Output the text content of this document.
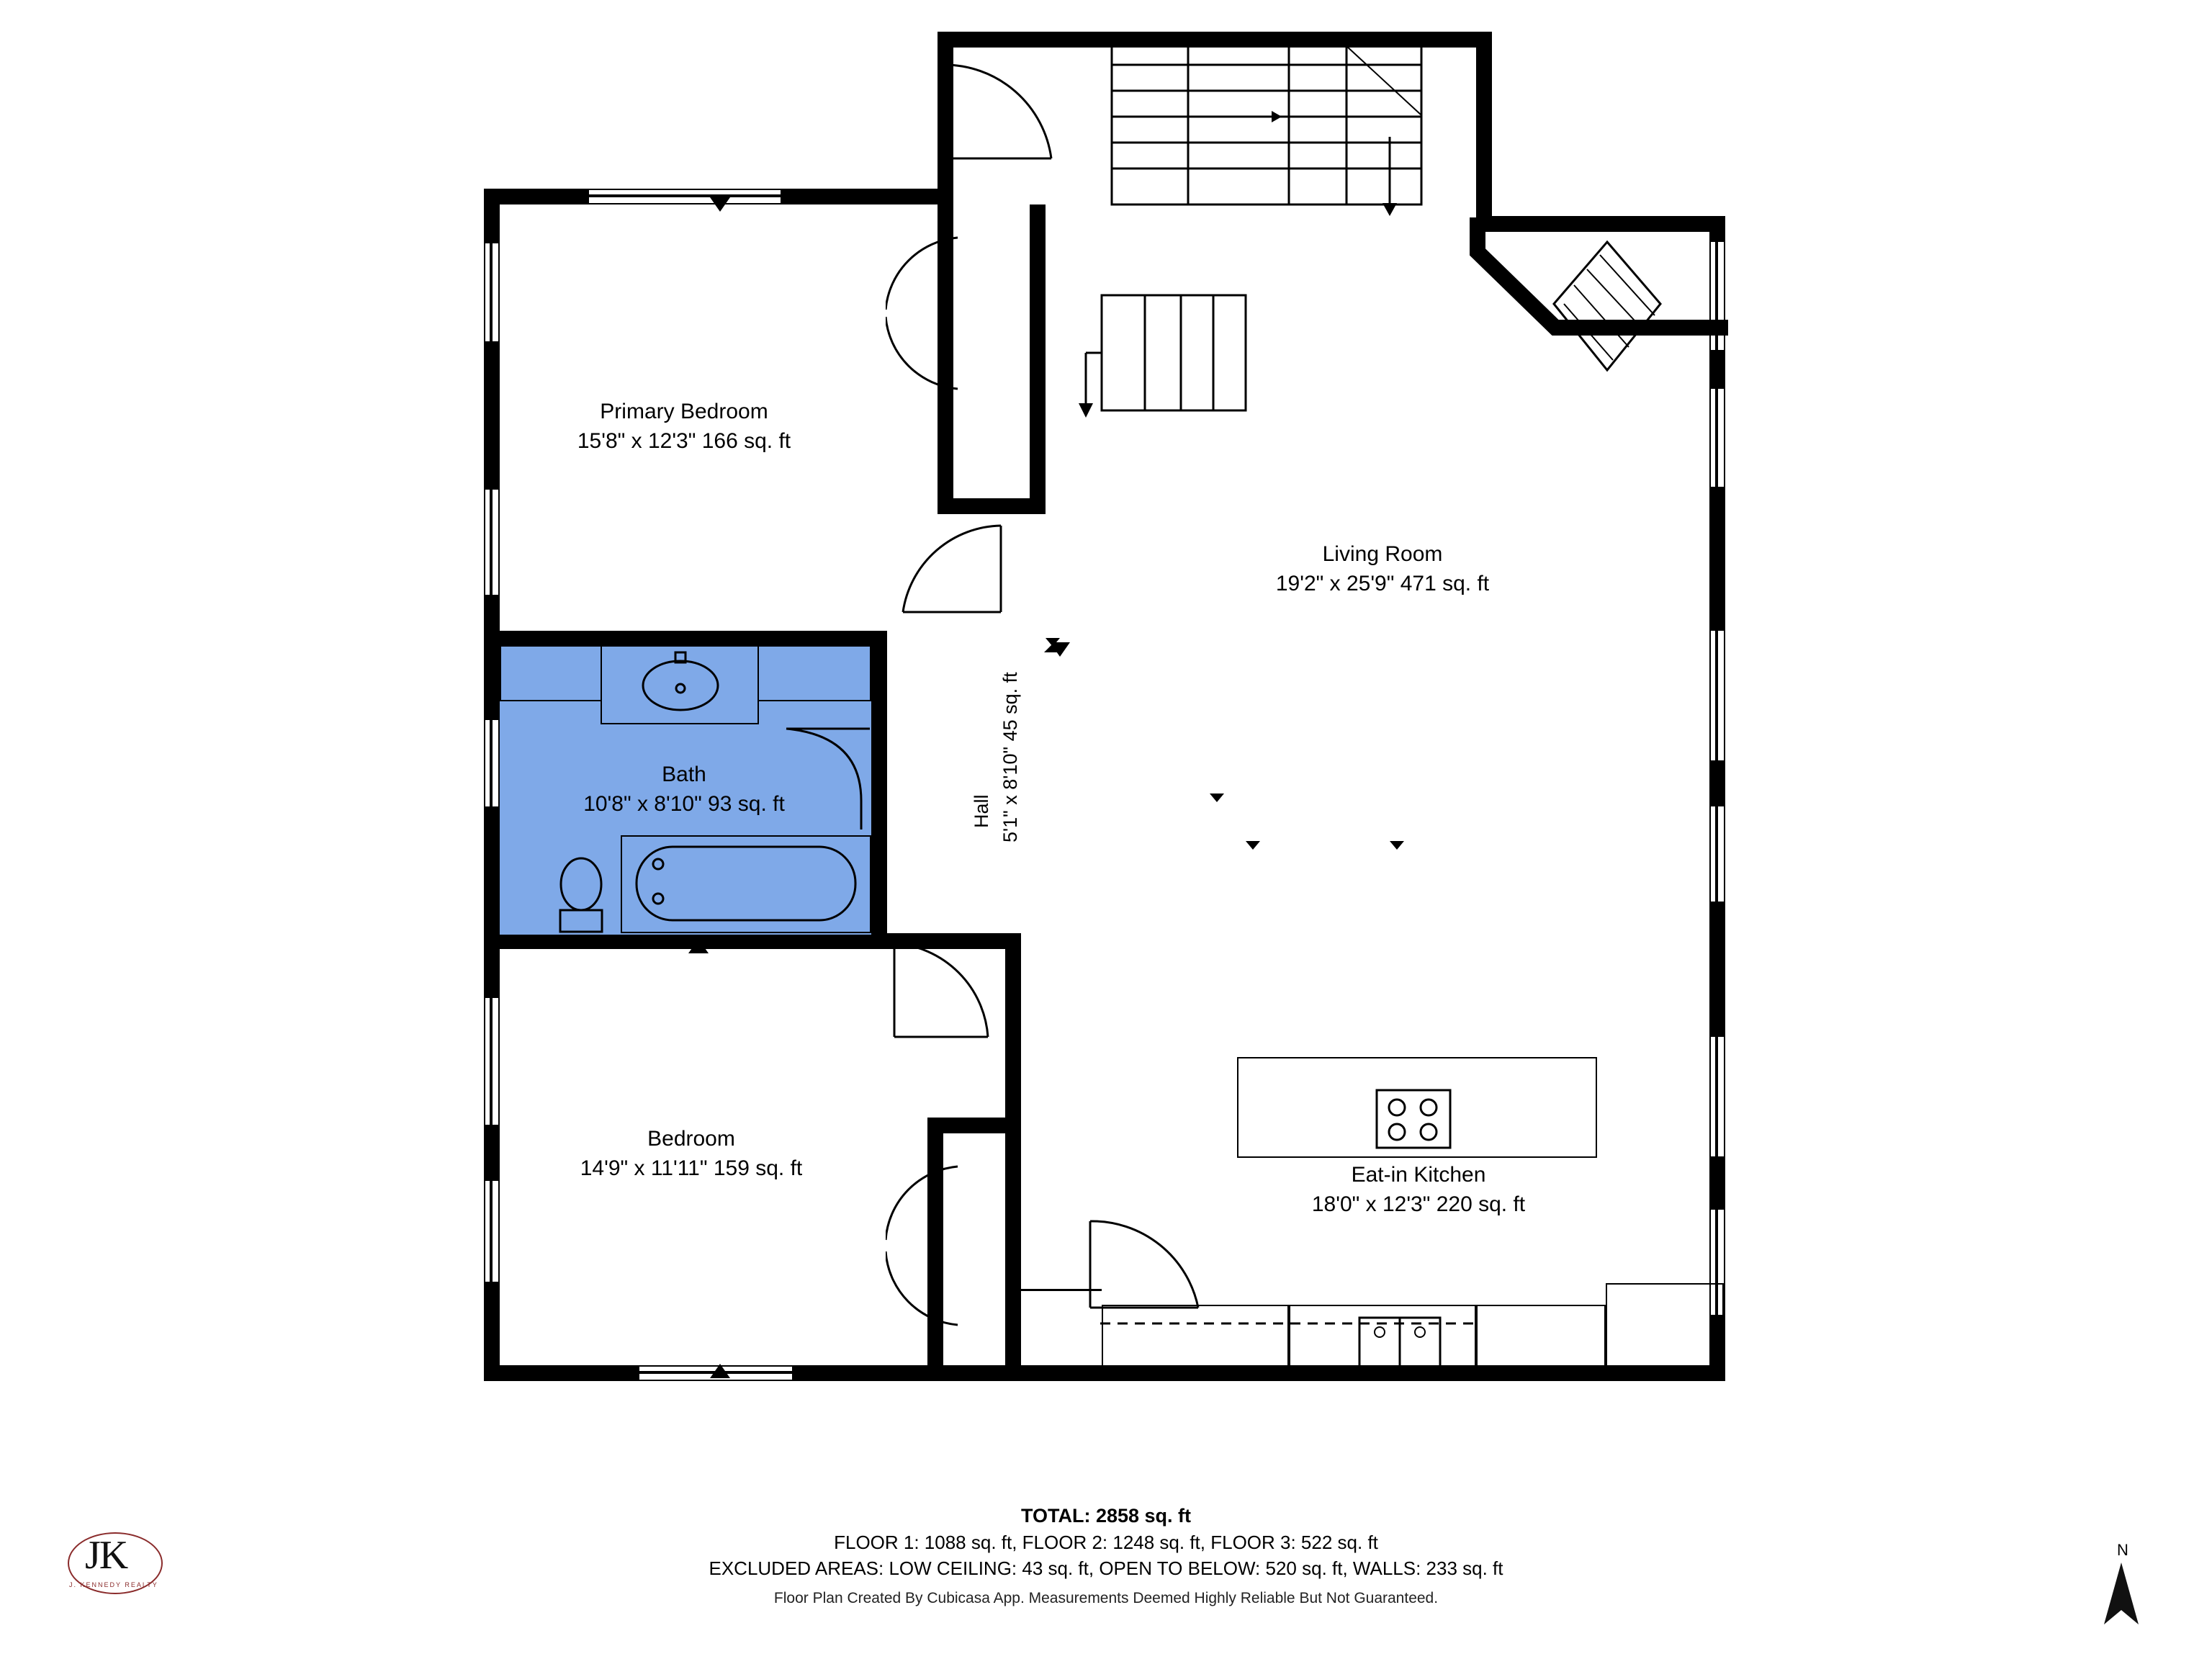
Primary Bedroom
15'8" x 12'3" 166 sq. ft
Living Room
19'2" x 25'9" 471 sq. ft
Bath
10'8" x 8'10" 93 sq. ft
Bedroom
14'9" x 11'11" 159 sq. ft	Eat-in Kitchen
18'0" x 12'3" 220 sq. ft
Hall 5'1" x 8'10" 45 sq. ft
JK
J. KENNEDY REALTY
TOTAL: 2858 sq. ft
FLOOR 1: 1088 sq. ft, FLOOR 2: 1248 sq. ft, FLOOR 3: 522 sq. ft
EXCLUDED AREAS: LOW CEILING: 43 sq. ft, OPEN TO BELOW: 520 sq. ft, WALLS: 233 sq. ft
Floor Plan Created By Cubicasa App. Measurements Deemed Highly Reliable But Not Guaranteed.
N
